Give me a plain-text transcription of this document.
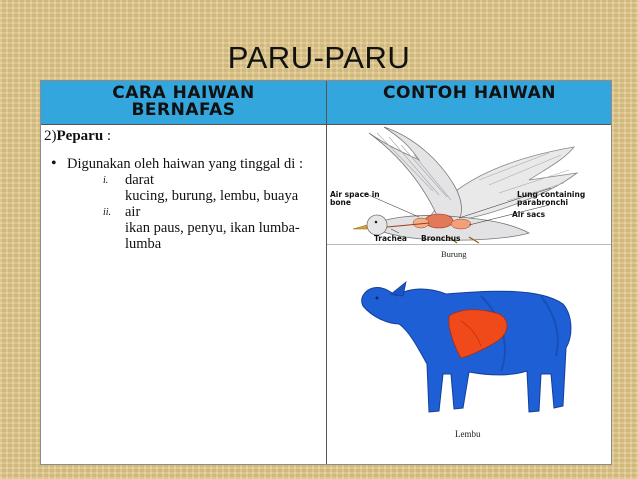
PARU-PARU
CARA HAIWAN
BERNAFAS
CONTOH HAIWAN
2)Peparu :
• Digunakan oleh haiwan yang tinggal di :
i. darat
kucing, burung, lembu, buaya
ii. air
ikan paus, penyu, ikan lumba-lumba
Air space in bone
Lung containing parabronchi
Air sacs
Trachea Bronchus
Burung
Lembu
